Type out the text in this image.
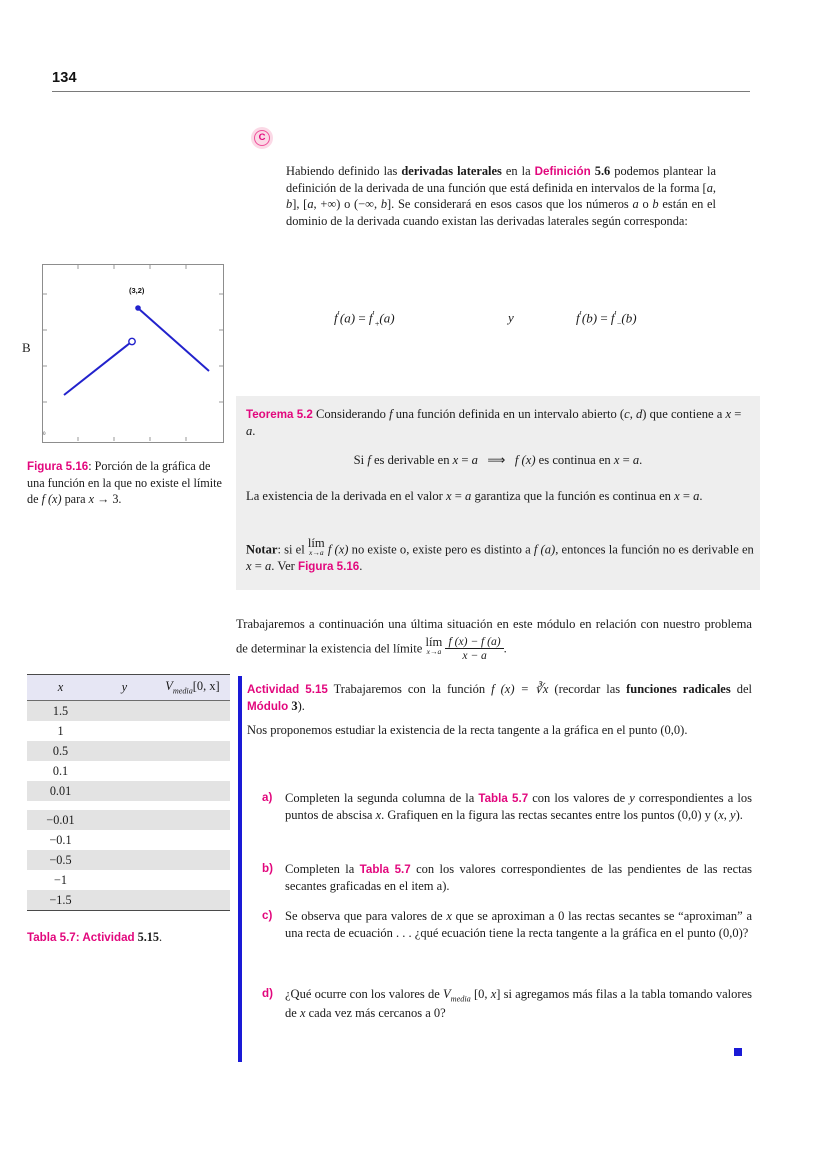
134
C
Habiendo definido las derivadas laterales en la Definición 5.6 podemos plantear la definición de la derivada de una función que está definida en intervalos de la forma [a, b], [a, +∞) o (−∞, b]. Se considerará en esos casos que los números a o b están en el dominio de la derivada cuando existan las derivadas laterales según corresponda:
$f'(a) = f'_+(a)$	y	$f'(b) = f'_-(b)$
Teorema 5.2 Considerando f una función definida en un intervalo abierto (c, d) que contiene a x = a.
Si f es derivable en x = a ⟹ f (x) es continua en x = a.
La existencia de la derivada en el valor x = a garantiza que la función es continua en x = a.
Notar: si el lím
x→a f (x) no existe o, existe pero es distinto a f (a), entonces la función no es derivable en x = a. Ver Figura 5.16.
B
0
(3,2)
Figura 5.16: Porción de la gráfica de una función en la que no existe el límite de f (x) para x → 3.
Trabajaremos a continuación una última situación en este módulo en relación con nuestro problema de determinar la existencia del límite lím
x→a
$\frac{f (x) - f (a)}{x - a}$ .
x	y	$V_{media}[0$, x]
1.5		
1		
0.5		
0.1		
0.01		

−0.01		
−0.1		
−0.5		
−1		
−1.5		
Tabla 5.7: Actividad 5.15.
Actividad 5.15 Trabajaremos con la función f (x) = ∛x (recordar las funciones radicales del Módulo 3).
Nos proponemos estudiar la existencia de la recta tangente a la gráfica en el punto (0,0).
a) Completen la segunda columna de la Tabla 5.7 con los valores de y correspondientes a los puntos de abscisa x. Grafiquen en la figura las rectas secantes entre los puntos (0,0) y (x, y).
b) Completen la Tabla 5.7 con los valores correspondientes de las pendientes de las rectas secantes graficadas en el item a).
c) Se observa que para valores de x que se aproximan a 0 las rectas secantes se “aproximan” a una recta de ecuación . . . ¿qué ecuación tiene la recta tangente a la gráfica en el punto (0,0)?
d) ¿Qué ocurre con los valores de $V_{media}$ [0, x] si agregamos más filas a la tabla tomando valores de x cada vez más cercanos a 0?
